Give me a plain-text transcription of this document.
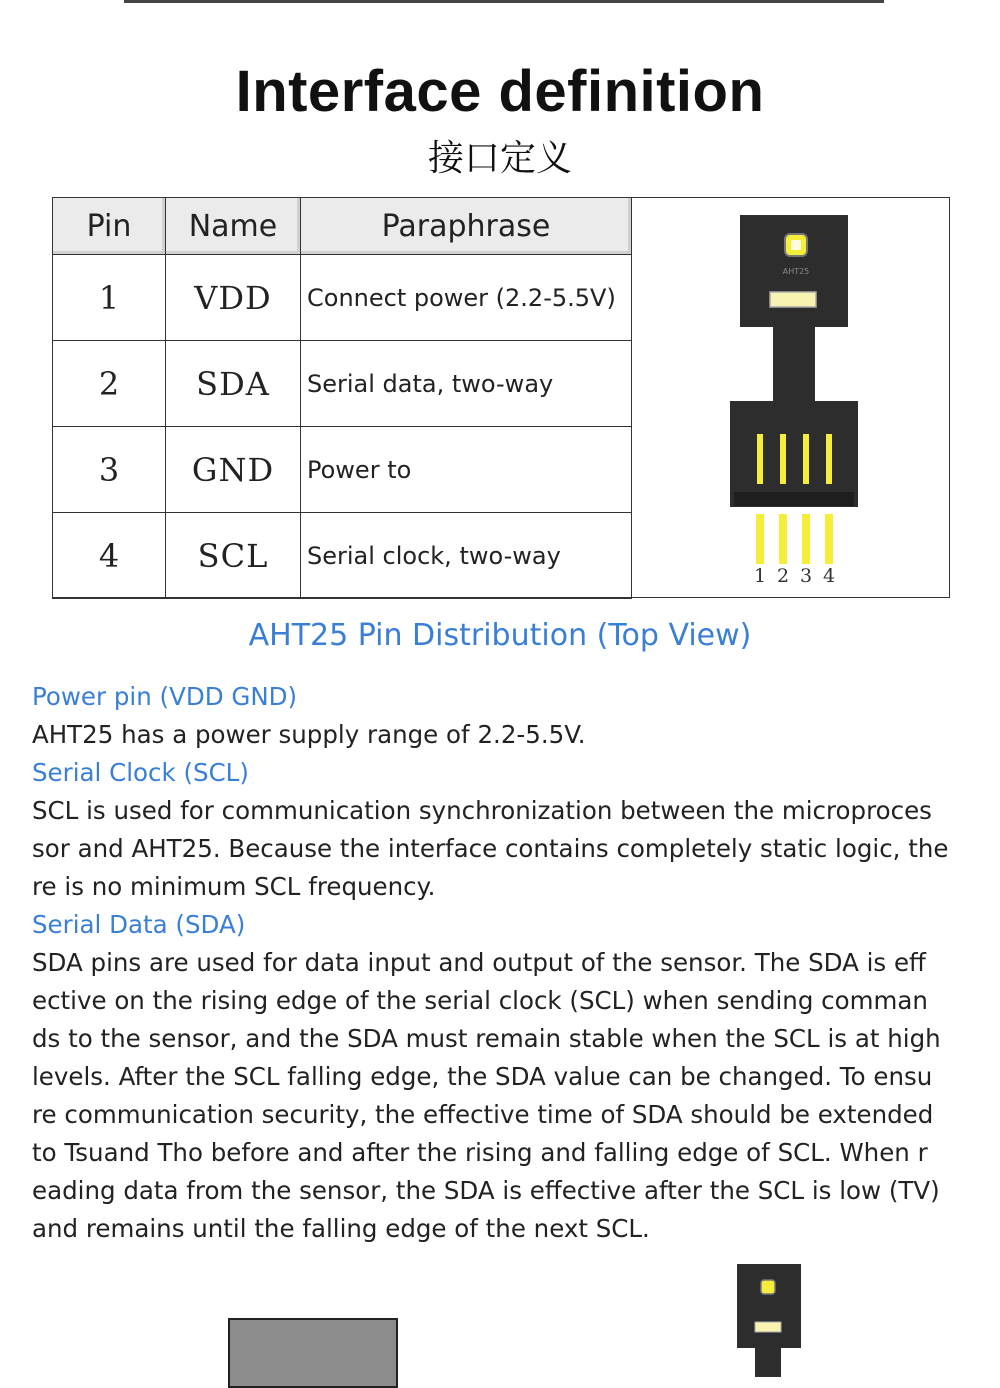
Interface definition
接口定义
Pin	Name	Paraphrase
1	VDD	Connect power (2.2-5.5V)
2	SDA	Serial data, two-way
3	GND	Power to
4	SCL	Serial clock, two-way
AHT25
1 2 3 4
AHT25 Pin Distribution (Top View)

Power pin (VDD GND)

AHT25 has a power supply range of 2.2-5.5V.

Serial Clock (SCL)

SCL is used for communication synchronization between the microproces

sor and AHT25. Because the interface contains completely static logic, the

re is no minimum SCL frequency.

Serial Data (SDA)

SDA pins are used for data input and output of the sensor. The SDA is eff

ective on the rising edge of the serial clock (SCL) when sending comman

ds to the sensor, and the SDA must remain stable when the SCL is at high

levels. After the SCL falling edge, the SDA value can be changed. To ensu

re communication security, the effective time of SDA should be extended

to Tsuand Tho before and after the rising and falling edge of SCL. When r

eading data from the sensor, the SDA is effective after the SCL is low (TV)

and remains until the falling edge of the next SCL.
